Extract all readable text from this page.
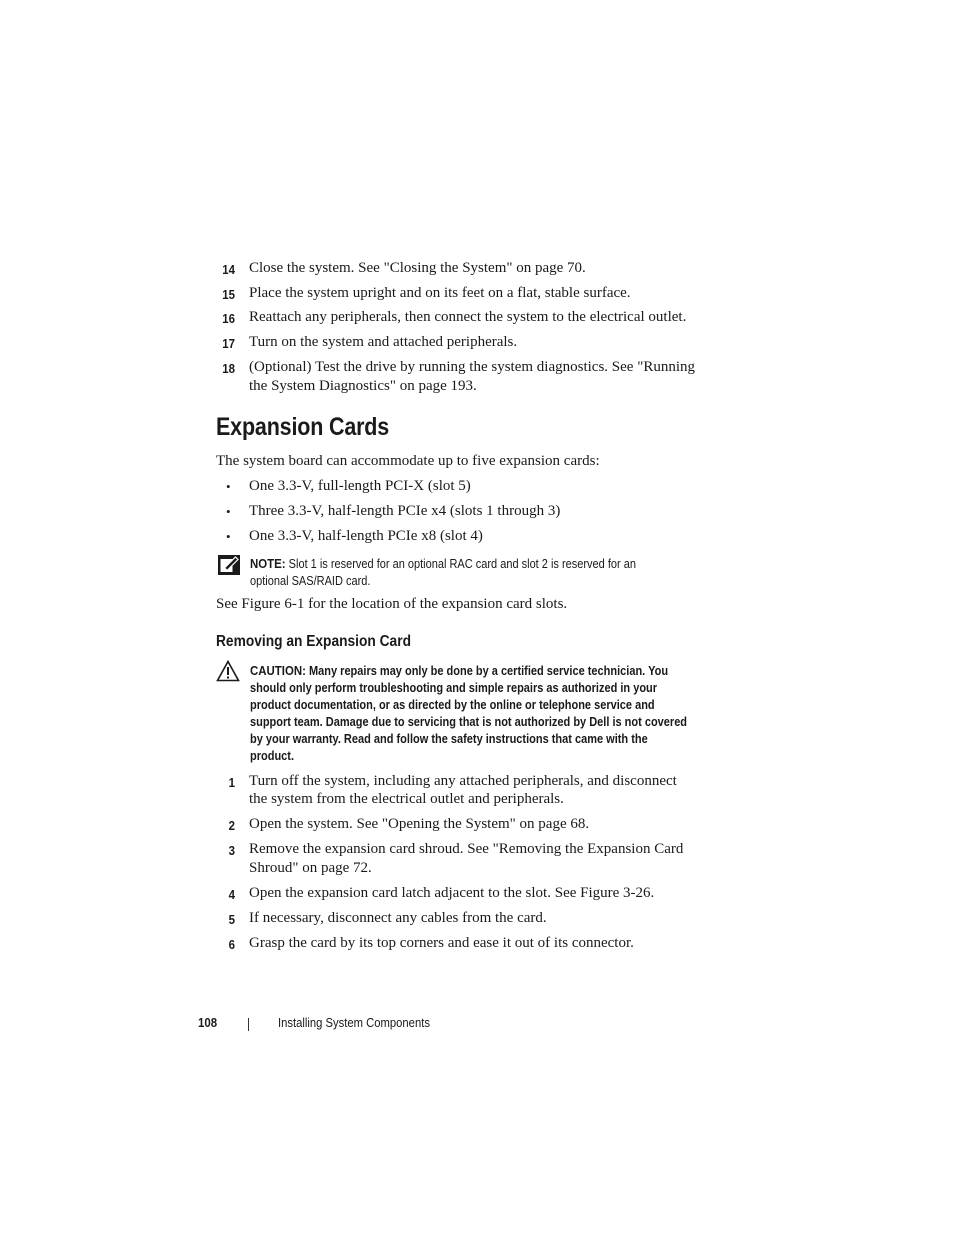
14 Close the system. See "Closing the System" on page 70.
15 Place the system upright and on its feet on a flat, stable surface.
16 Reattach any peripherals, then connect the system to the electrical outlet.
17 Turn on the system and attached peripherals.
18 (Optional) Test the drive by running the system diagnostics. See "Running
the System Diagnostics" on page 193.
Expansion Cards
The system board can accommodate up to five expansion cards:
• One 3.3-V, full-length PCI-X (slot 5)
• Three 3.3-V, half-length PCIe x4 (slots 1 through 3)
• One 3.3-V, half-length PCIe x8 (slot 4)
NOTE: Slot 1 is reserved for an optional RAC card and slot 2 is reserved for an
optional SAS/RAID card.
See Figure 6-1 for the location of the expansion card slots.
Removing an Expansion Card
CAUTION: Many repairs may only be done by a certified service technician. You
should only perform troubleshooting and simple repairs as authorized in your
product documentation, or as directed by the online or telephone service and
support team. Damage due to servicing that is not authorized by Dell is not covered
by your warranty. Read and follow the safety instructions that came with the
product.
1 Turn off the system, including any attached peripherals, and disconnect
the system from the electrical outlet and peripherals.
2 Open the system. See "Opening the System" on page 68.
3 Remove the expansion card shroud. See "Removing the Expansion Card
Shroud" on page 72.
4 Open the expansion card latch adjacent to the slot. See Figure 3-26.
5 If necessary, disconnect any cables from the card.
6 Grasp the card by its top corners and ease it out of its connector.
108	Installing System Components
